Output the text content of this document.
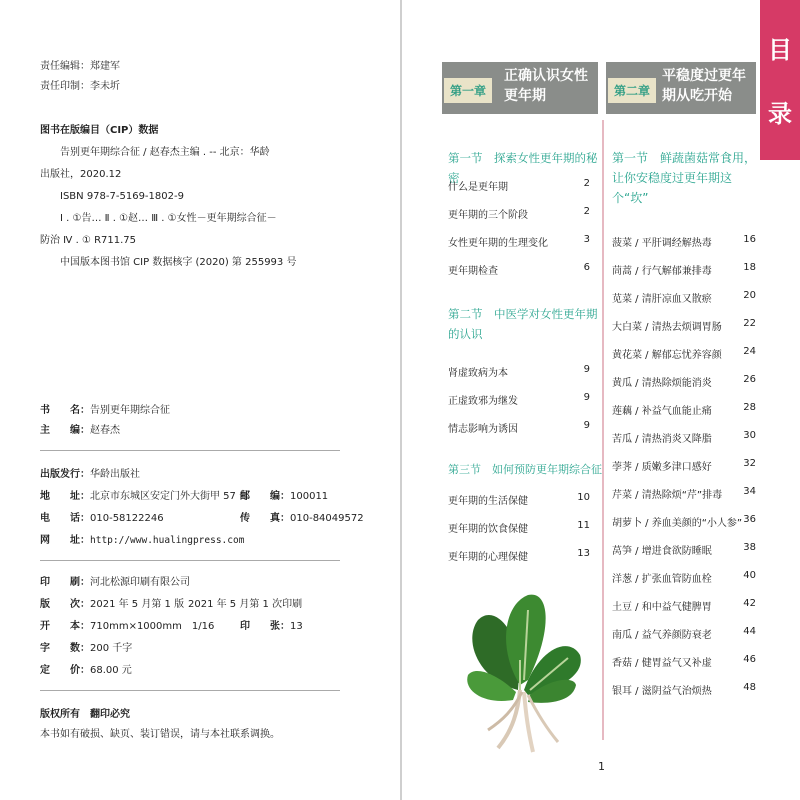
责任编辑：郑建军
责任印制：李未圻
图书在版编目（CIP）数据
告别更年期综合征 / 赵春杰主编 . -- 北京：华龄
出版社，2020.12
ISBN 978-7-5169-1802-9
Ⅰ . ①告… Ⅱ . ①赵… Ⅲ . ①女性－更年期综合征－
防治 Ⅳ . ① R711.75
中国版本图书馆 CIP 数据核字 (2020) 第 255993 号
书　　名：告别更年期综合征
主　　编：赵春杰
出版发行：华龄出版社
地　　址：北京市东城区安定门外大街甲 57 号
邮　　编：100011
电　　话：010-58122246	传　　真：010-84049572
网　　址：http://www.hualingpress.com
印　　刷：河北松源印刷有限公司
版　　次：2021 年 5 月第 1 版 2021 年 5 月第 1 次印刷
开　　本：710mm×1000mm　1/16	印　　张：13
字　　数：200 千字
定　　价：68.00 元
版权所有　翻印必究
本书如有破损、缺页、装订错误，请与本社联系调换。
目
录
第一章
正确认识女性更年期	第二章
平稳度过更年期从吃开始
第一节　探索女性更年期的秘密
什么是更年期	2
更年期的三个阶段	2
女性更年期的生理变化	3
更年期检查	6
第二节　中医学对女性更年期的认识
肾虚致病为本	9
正虚致邪为继发	9
情志影响为诱因	9
第三节　如何预防更年期综合征
更年期的生活保健	10
更年期的饮食保健	11
更年期的心理保健	13
第一节　鲜蔬菌菇常食用，让你安稳度过更年期这个“坎”
菠菜 / 平肝调经解热毒	16
茼蒿 / 行气解郁兼排毒	18
苋菜 / 清肝凉血又散瘀	20
大白菜 / 清热去烦调胃肠 22
黄花菜 / 解郁忘忧养容颜 24
黄瓜 / 清热除烦能消炎	26
莲藕 / 补益气血能止痛	28
苦瓜 / 清热消炎又降脂	30
荸荠 / 质嫩多津口感好	32
芹菜 / 清热除烦“芹”排毒 34
胡萝卜 / 养血美颜的“小人参” 36
莴笋 / 增进食欲防睡眠	38
洋葱 / 扩张血管防血栓	40
土豆 / 和中益气健脾胃	42
南瓜 / 益气养颜防衰老	44
香菇 / 健胃益气又补虚	46
银耳 / 滋阴益气治烦热	48
1
